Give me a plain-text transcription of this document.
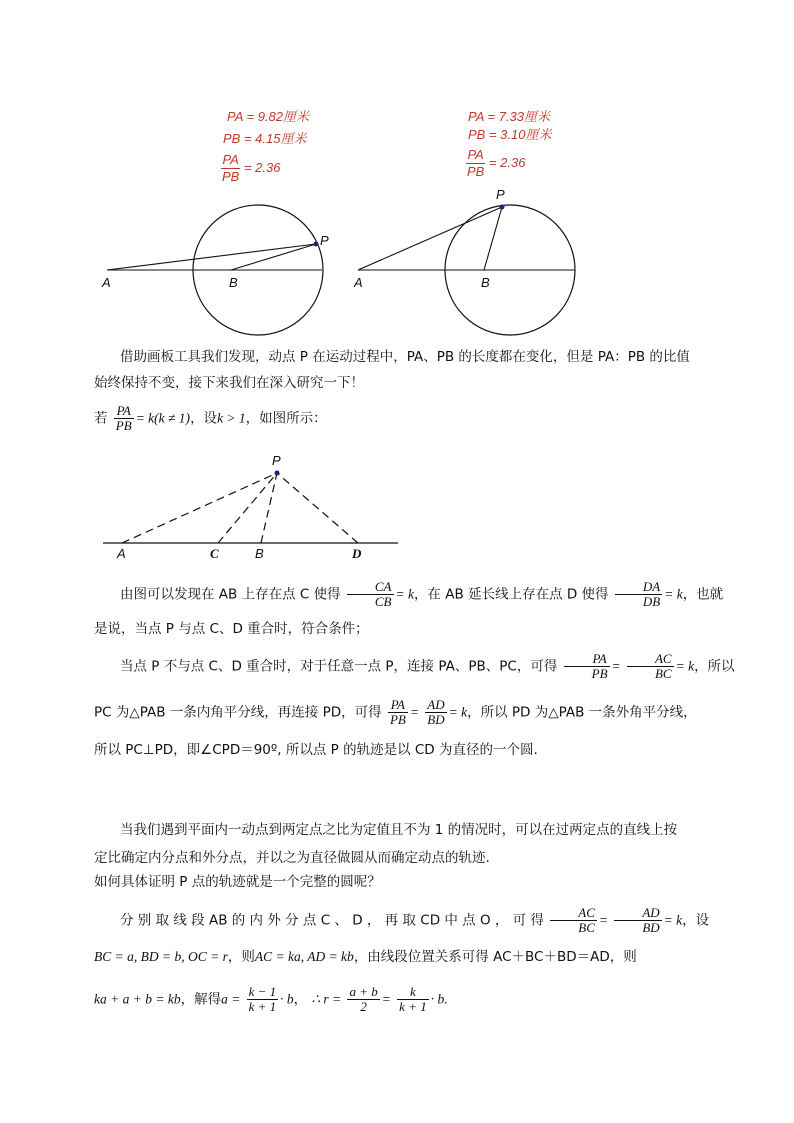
PA = 9.82厘米
PB = 4.15厘米
$\frac{PA}{PB} = 2.36$
A	B
P
A	B
P
PA = 7.33厘米
PB = 3.10厘米
$\frac{PA}{PB} = 2.36$
借助画板工具我们发现，动点 P 在运动过程中，PA、PB 的长度都在变化，但是 PA：PB 的比值
始终保持不变，接下来我们在深入研究一下！
若 $\frac{PA}{PB} = k(k \ne 1)$，设k > 1，如图所示：
P
A	C	B	D
由图可以发现在 AB 上存在点 C 使得 $\frac{CA}{CB} = k$，在 AB 延长线上存在点 D 使得 $\frac{DA}{DB} = k$，也就
是说，当点 P 与点 C、D 重合时，符合条件；
当点 P 不与点 C、D 重合时，对于任意一点 P，连接 PA、PB、PC，可得 $\frac{PA}{PB} = \frac{AC}{BC} = k$，所以
PC 为△PAB 一条内角平分线，再连接 PD，可得 $\frac{PA}{PB} = \frac{AD}{BD} = k$，所以 PD 为△PAB 一条外角平分线，
所以 PC⊥PD，即∠CPD＝90º, 所以点 P 的轨迹是以 CD 为直径的一个圆.
当我们遇到平面内一动点到两定点之比为定值且不为 1 的情况时，可以在过两定点的直线上按
定比确定内分点和外分点，并以之为直径做圆从而确定动点的轨迹.
如何具体证明 P 点的轨迹就是一个完整的圆呢？
分 别 取 线 段 AB 的 内 外 分 点 C 、 D ， 再 取 CD 中 点 O ， 可 得 $\frac{AC}{BC} = \frac{AD}{BD} = k$，设
BC = a, BD = b, OC = r，则AC = ka, AD = kb，由线段位置关系可得 AC＋BC＋BD＝AD，则
ka + a + b = kb，解得$a = \frac{k - 1}{k + 1} \cdot b$， ∴ $r = \frac{a + b}{2} = \frac{k}{k + 1} \cdot b$.
